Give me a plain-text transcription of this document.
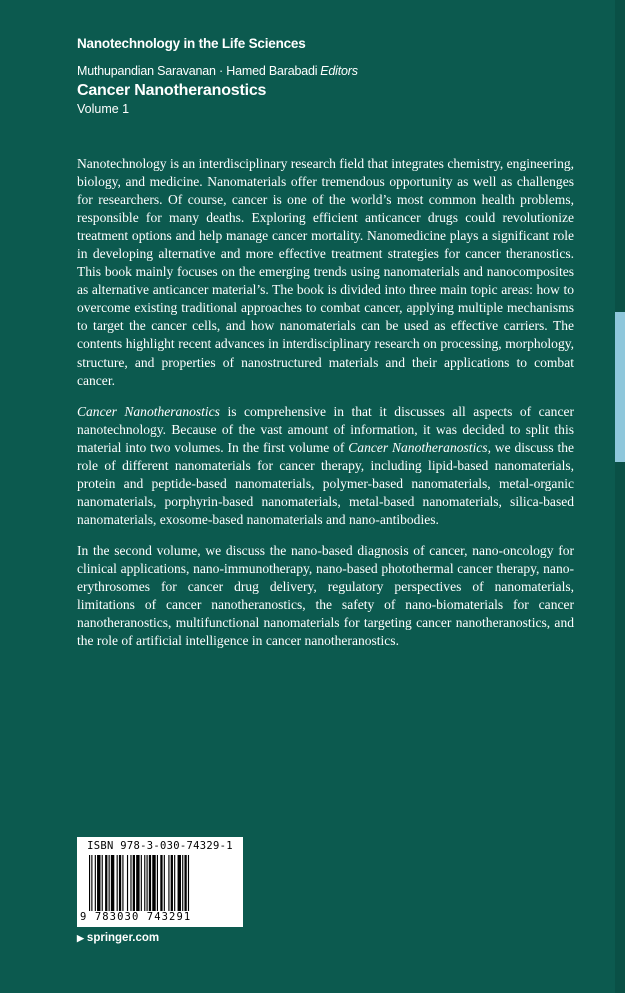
Nanotechnology in the Life Sciences
Muthupandian Saravanan · Hamed Barabadi Editors
Cancer Nanotheranostics
Volume 1

Nanotechnology is an interdisciplinary research field that integrates chemistry, engineering, biology, and medicine. Nanomaterials offer tremendous opportunity as well as challenges for researchers. Of course, cancer is one of the world’s most common health problems, responsible for many deaths. Exploring efficient anticancer drugs could revolutionize treatment options and help manage cancer mortality. Nanomedicine plays a significant role in developing alternative and more effective treatment strategies for cancer theranostics. This book mainly focuses on the emerging trends using nanomaterials and nanocomposites as alternative anticancer material’s. The book is divided into three main topic areas: how to overcome existing traditional approaches to combat cancer, applying multiple mechanisms to target the cancer cells, and how nanomaterials can be used as effective carriers. The contents highlight recent advances in interdisciplinary research on processing, morphology, structure, and properties of nanostructured materials and their applications to combat cancer.

Cancer Nanotheranostics is comprehensive in that it discusses all aspects of cancer nanotechnology. Because of the vast amount of information, it was decided to split this material into two volumes. In the first volume of Cancer Nanotheranostics, we discuss the role of different nanomaterials for cancer therapy, including lipid-based nanomaterials, protein and peptide-based nanomaterials, polymer-based nanomaterials, metal-organic nanomaterials, porphyrin-based nanomaterials, metal-based nanomaterials, silica-based nanomaterials, exosome-based nanomaterials and nano-antibodies.

In the second volume, we discuss the nano-based diagnosis of cancer, nano-oncology for clinical applications, nano-immunotherapy, nano-based photothermal cancer therapy, nano-erythrosomes for cancer drug delivery, regulatory perspectives of nanomaterials, limitations of cancer nanotheranostics, the safety of nano-biomaterials for cancer nanotheranostics, multifunctional nanomaterials for targeting cancer nanotheranostics, and the role of artificial intelligence in cancer nanotheranostics.

ISBN 978-3-030-74329-1
9 783030 743291
▶ springer.com
